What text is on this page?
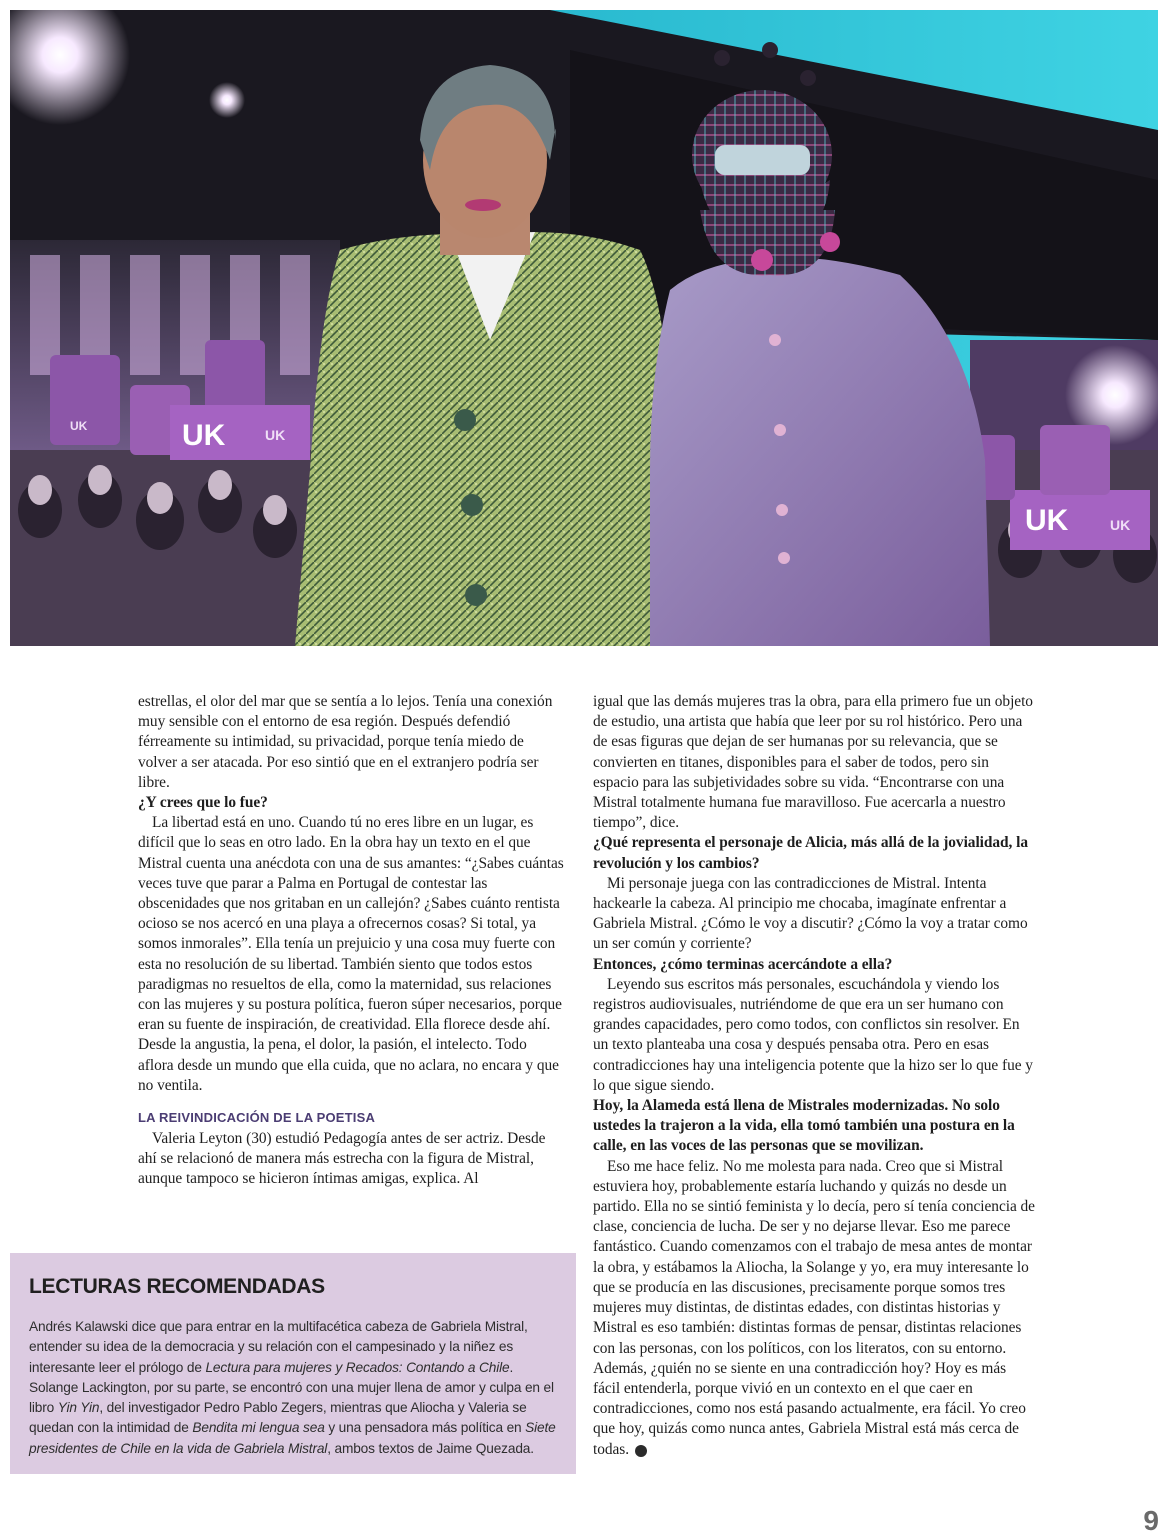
UK
UK
UK
UK
UK

estrellas, el olor del mar que se sentía a lo lejos. Tenía una conexión muy sensible con el entorno de esa región. Después defendió férreamente su intimidad, su privacidad, porque tenía miedo de volver a ser atacada. Por eso sintió que en el extranjero podría ser libre.

¿Y crees que lo fue?

La libertad está en uno. Cuando tú no eres libre en un lugar, es difícil que lo seas en otro lado. En la obra hay un texto en el que Mistral cuenta una anécdota con una de sus amantes: “¿Sabes cuántas veces tuve que parar a Palma en Portugal de contestar las obscenidades que nos gritaban en un callejón? ¿Sabes cuánto rentista ocioso se nos acercó en una playa a ofrecernos cosas? Si total, ya somos inmorales”. Ella tenía un prejuicio y una cosa muy fuerte con esta no resolución de su libertad. También siento que todos estos paradigmas no resueltos de ella, como la maternidad, sus relaciones con las mujeres y su postura política, fueron súper necesarios, porque eran su fuente de inspiración, de creatividad. Ella florece desde ahí. Desde la angustia, la pena, el dolor, la pasión, el intelecto. Todo aflora desde un mundo que ella cuida, que no aclara, no encara y que no ventila.

LA REIVINDICACIÓN DE LA POETISA

Valeria Leyton (30) estudió Pedagogía antes de ser actriz. Desde ahí se relacionó de manera más estrecha con la figura de Mistral, aunque tampoco se hicieron íntimas amigas, explica. Al

igual que las demás mujeres tras la obra, para ella primero fue un objeto de estudio, una artista que había que leer por su rol histórico. Pero una de esas figuras que dejan de ser humanas por su relevancia, que se convierten en titanes, disponibles para el saber de todos, pero sin espacio para las subjetividades sobre su vida. “Encontrarse con una Mistral totalmente humana fue maravilloso. Fue acercarla a nuestro tiempo”, dice.

¿Qué representa el personaje de Alicia, más allá de la jovialidad, la revolución y los cambios?

Mi personaje juega con las contradicciones de Mistral. Intenta hackearle la cabeza. Al principio me chocaba, imagínate enfrentar a Gabriela Mistral. ¿Cómo le voy a discutir? ¿Cómo la voy a tratar como un ser común y corriente?

Entonces, ¿cómo terminas acercándote a ella?

Leyendo sus escritos más personales, escuchándola y viendo los registros audiovisuales, nutriéndome de que era un ser humano con grandes capacidades, pero como todos, con conflictos sin resolver. En un texto planteaba una cosa y después pensaba otra. Pero en esas contradicciones hay una inteligencia potente que la hizo ser lo que fue y lo que sigue siendo.

Hoy, la Alameda está llena de Mistrales modernizadas. No solo ustedes la trajeron a la vida, ella tomó también una postura en la calle, en las voces de las personas que se movilizan.

Eso me hace feliz. No me molesta para nada. Creo que si Mistral estuviera hoy, probablemente estaría luchando y quizás no desde un partido. Ella no se sintió feminista y lo decía, pero sí tenía conciencia de clase, conciencia de lucha. De ser y no dejarse llevar. Eso me parece fantástico. Cuando comenzamos con el trabajo de mesa antes de montar la obra, y estábamos la Aliocha, la Solange y yo, era muy interesante lo que se producía en las discusiones, precisamente porque somos tres mujeres muy distintas, de distintas edades, con distintas historias y Mistral es eso también: distintas formas de pensar, distintas relaciones con las personas, con los políticos, con los literatos, con su entorno. Además, ¿quién no se siente en una contradicción hoy? Hoy es más fácil entenderla, porque vivió en un contexto en el que caer en contradicciones, como nos está pasando actualmente, era fácil. Yo creo que hoy, quizás como nunca antes, Gabriela Mistral está más cerca de todas. Y

LECTURAS RECOMENDADAS

Andrés Kalawski dice que para entrar en la multifacética cabeza de Gabriela Mistral, entender su idea de la democracia y su relación con el campesinado y la niñez es interesante leer el prólogo de Lectura para mujeres y Recados: Contando a Chile. Solange Lackington, por su parte, se encontró con una mujer llena de amor y culpa en el libro Yin Yin, del investigador Pedro Pablo Zegers, mientras que Aliocha y Valeria se quedan con la intimidad de Bendita mi lengua sea y una pensadora más política en Siete presidentes de Chile en la vida de Gabriela Mistral, ambos textos de Jaime Quezada.

9
